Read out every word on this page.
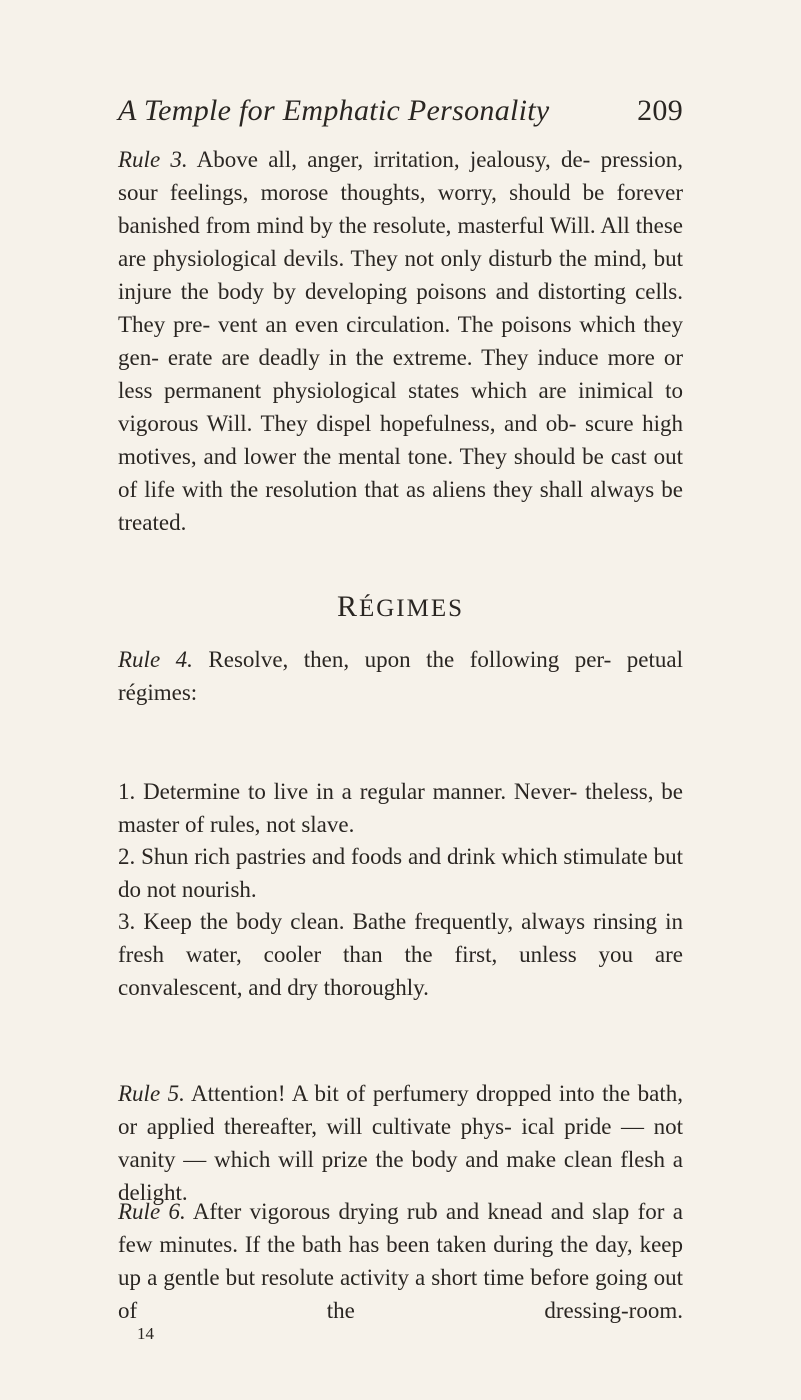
A Temple for Emphatic Personality	209
Rule 3. Above all, anger, irritation, jealousy, de- pression, sour feelings, morose thoughts, worry, should be forever banished from mind by the resolute, masterful Will. All these are physiological devils. They not only disturb the mind, but injure the body by developing poisons and distorting cells. They pre- vent an even circulation. The poisons which they gen- erate are deadly in the extreme. They induce more or less permanent physiological states which are inimical to vigorous Will. They dispel hopefulness, and ob- scure high motives, and lower the mental tone. They should be cast out of life with the resolution that as aliens they shall always be treated.
RÉGIMES
Rule 4. Resolve, then, upon the following per- petual régimes:
1. Determine to live in a regular manner. Never- theless, be master of rules, not slave.
2. Shun rich pastries and foods and drink which stimulate but do not nourish.
3. Keep the body clean. Bathe frequently, always rinsing in fresh water, cooler than the first, unless you are convalescent, and dry thoroughly.
Rule 5. Attention! A bit of perfumery dropped into the bath, or applied thereafter, will cultivate phys- ical pride — not vanity — which will prize the body and make clean flesh a delight.
Rule 6. After vigorous drying rub and knead and slap for a few minutes. If the bath has been taken during the day, keep up a gentle but resolute activity a short time before going out of the dressing-room.
14
